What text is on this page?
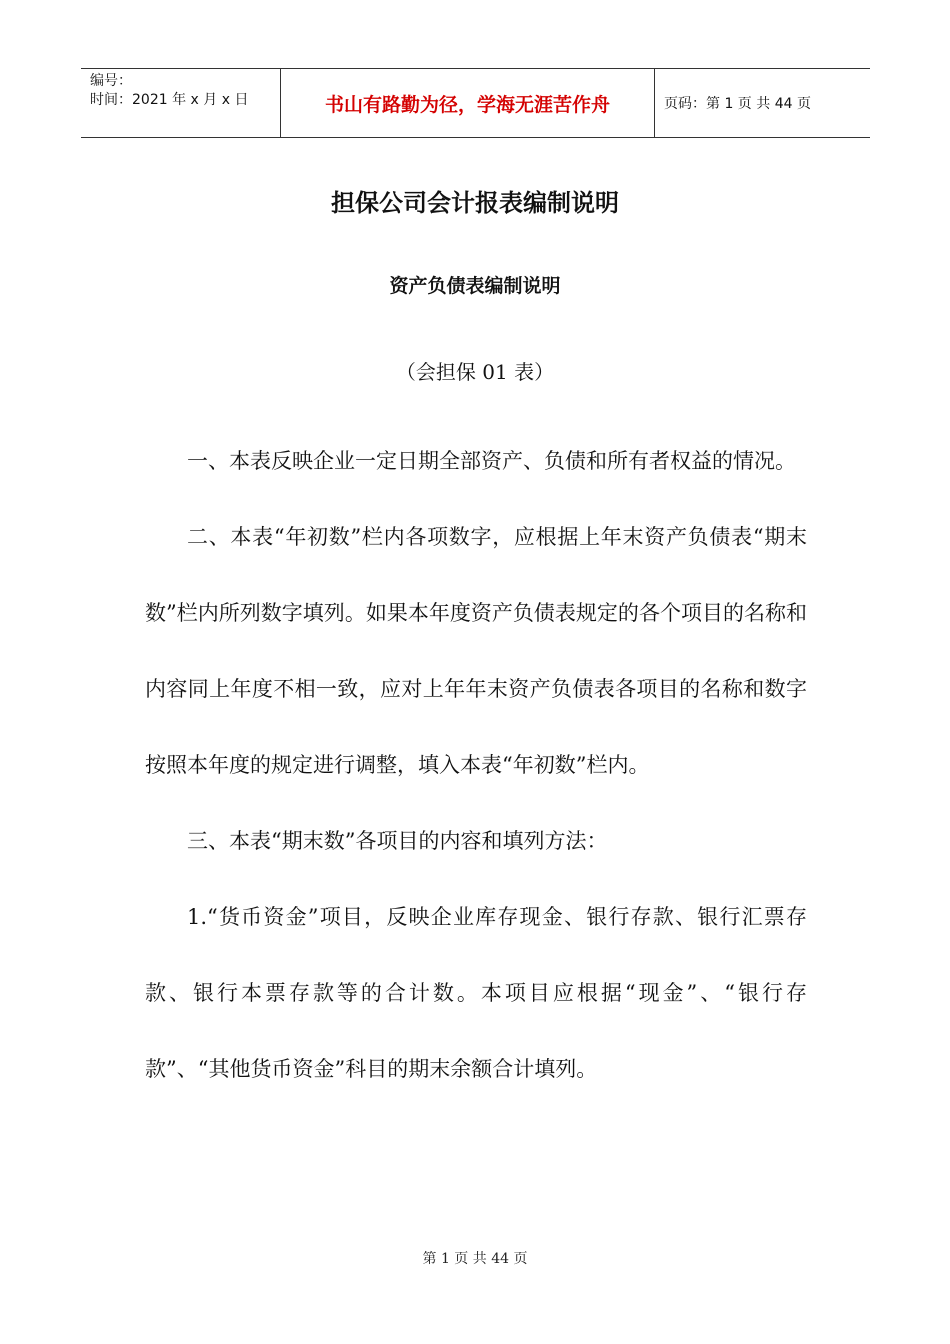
编号：
时间：2021 年 x 月 x 日	书山有路勤为径，学海无涯苦作舟	页码：第 1 页 共 44 页
担保公司会计报表编制说明
资产负债表编制说明
（会担保 01 表）

一、本表反映企业一定日期全部资产、负债和所有者权益的情况。

二、本表“年初数”栏内各项数字，应根据上年末资产负债表“期末数”栏内所列数字填列。如果本年度资产负债表规定的各个项目的名称和内容同上年度不相一致，应对上年年末资产负债表各项目的名称和数字按照本年度的规定进行调整，填入本表“年初数”栏内。

三、本表“期末数”各项目的内容和填列方法：

1.“货币资金”项目，反映企业库存现金、银行存款、银行汇票存款、银行本票存款等的合计数。本项目应根据“现金”、“银行存款”、“其他货币资金”科目的期末余额合计填列。

第 1 页 共 44 页
